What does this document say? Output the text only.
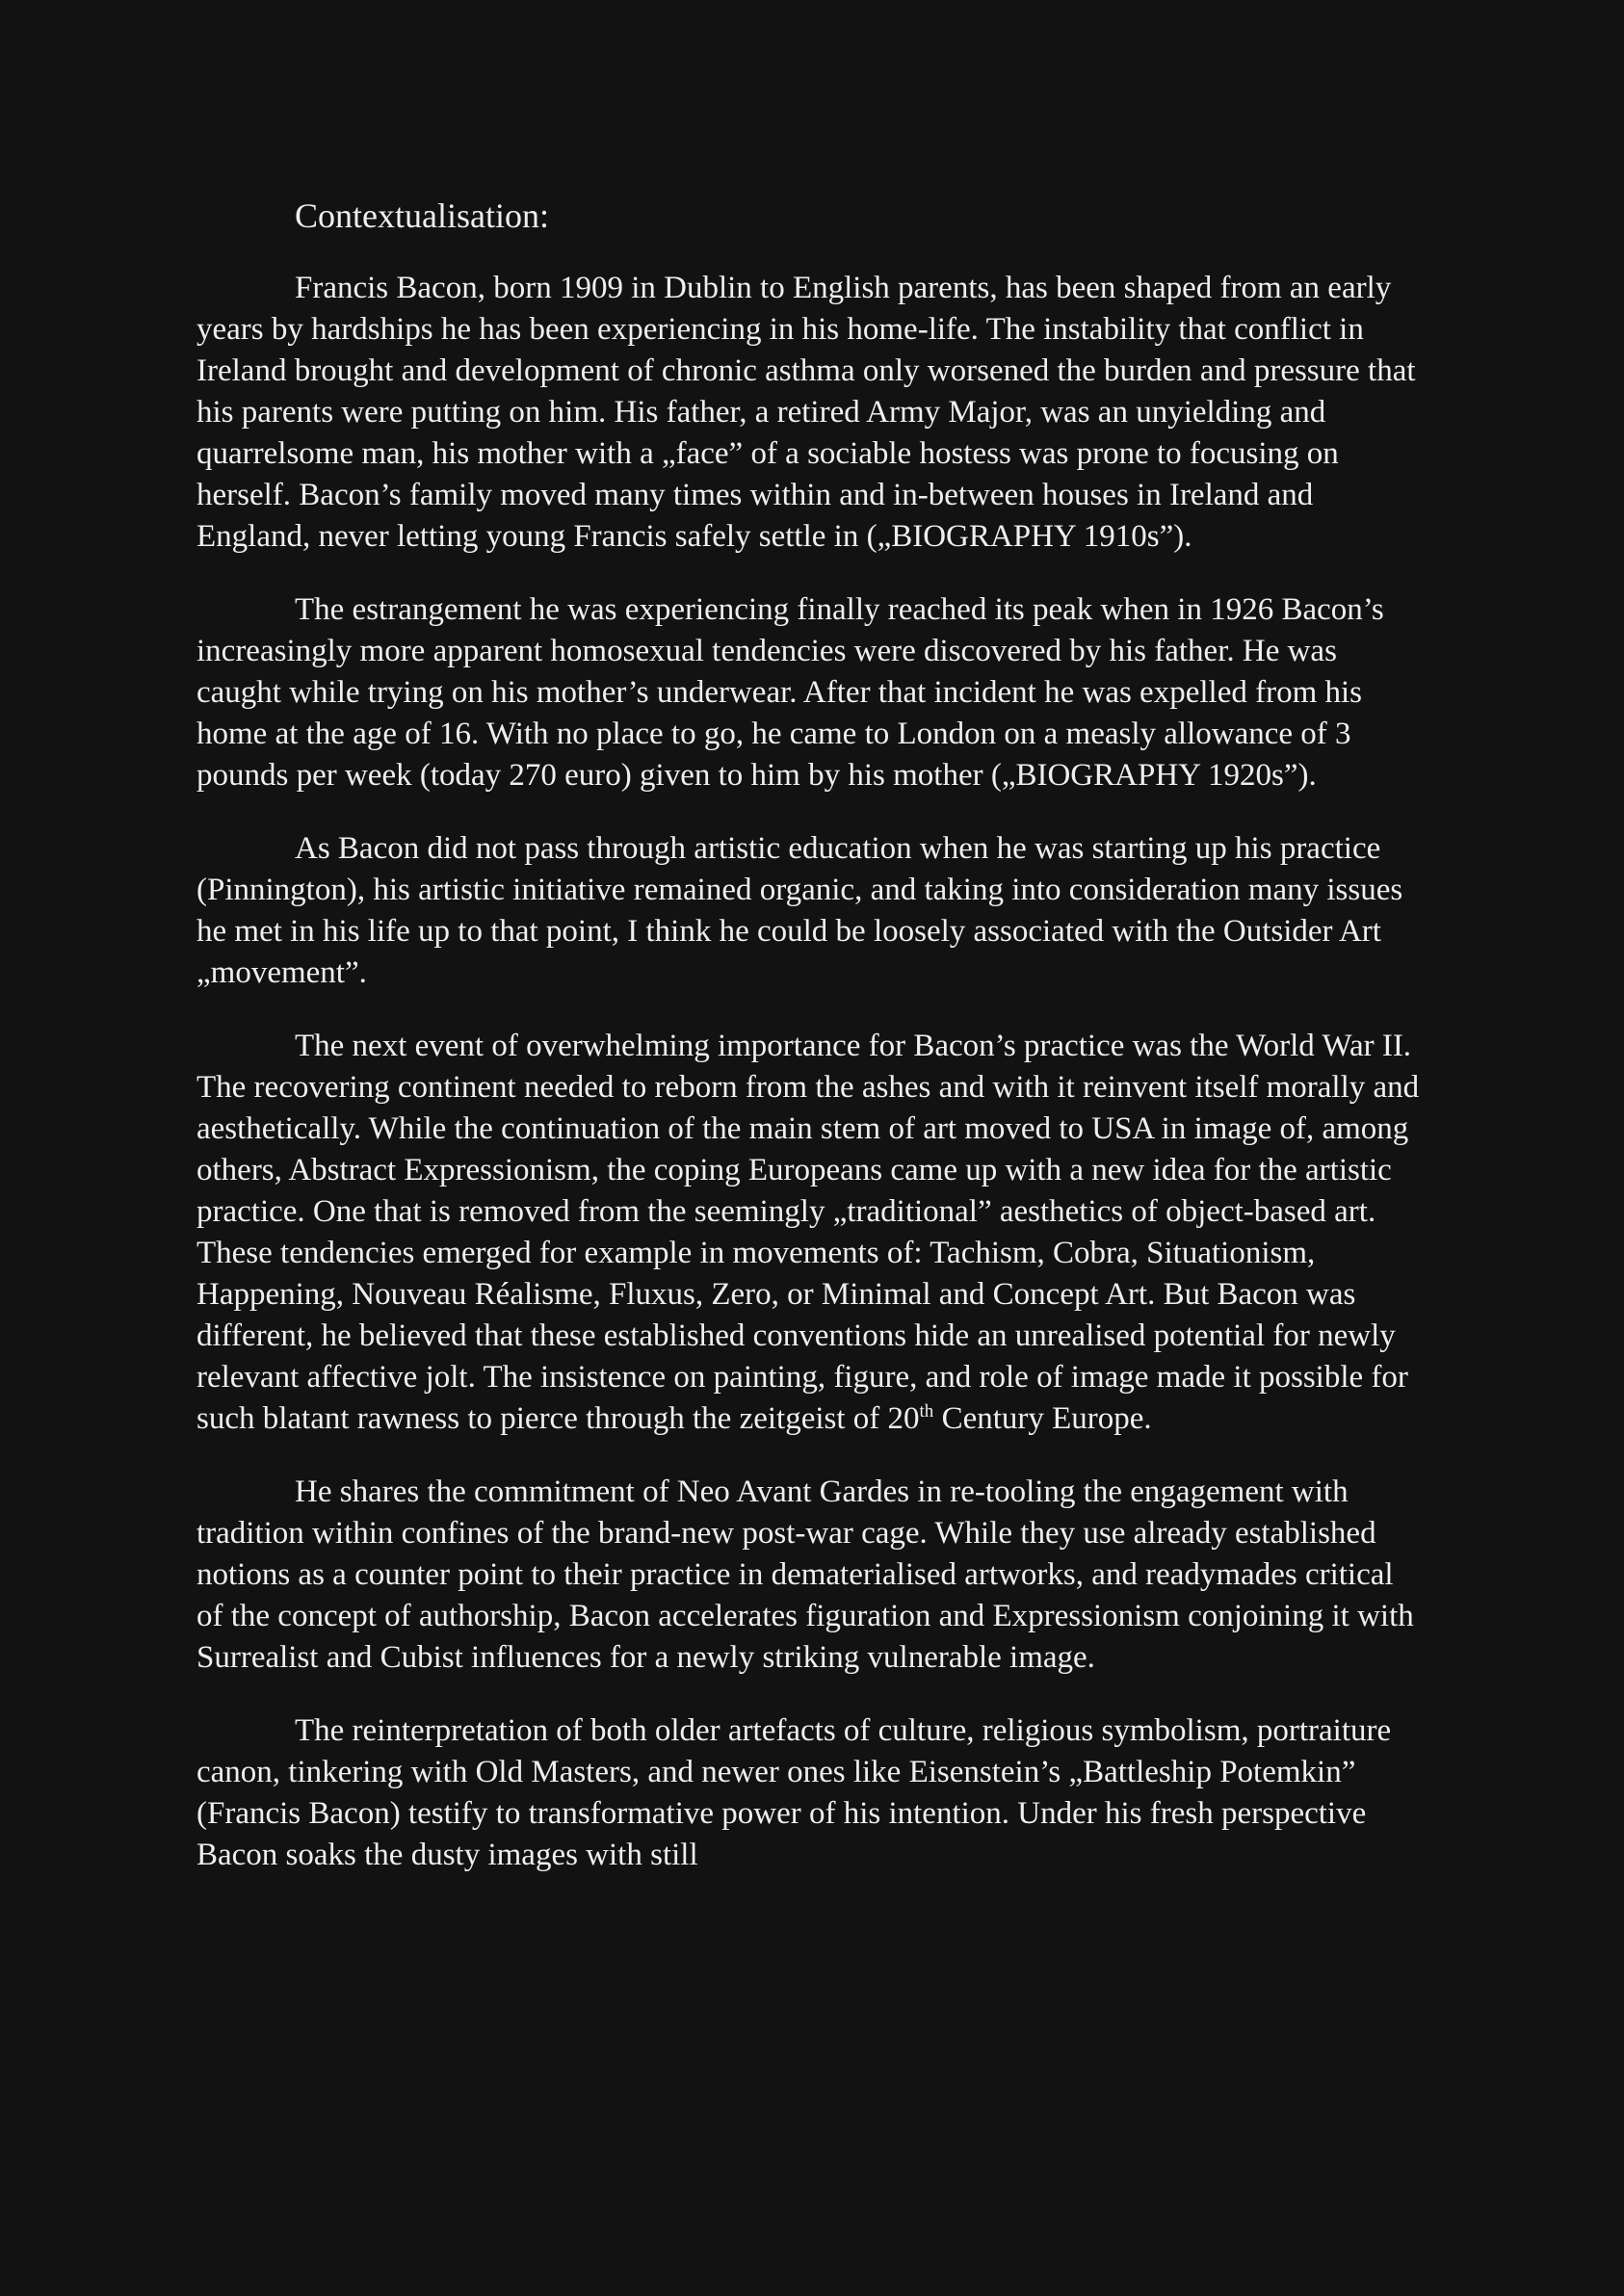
Contextualisation:

Francis Bacon, born 1909 in Dublin to English parents, has been shaped from an early years by hardships he has been experiencing in his home-life. The instability that conflict in Ireland brought and development of chronic asthma only worsened the burden and pressure that his parents were putting on him. His father, a retired Army Major, was an unyielding and quarrelsome man, his mother with a „face” of a sociable hostess was prone to focusing on herself. Bacon’s family moved many times within and in-between houses in Ireland and England, never letting young Francis safely settle in („BIOGRAPHY 1910s”).

The estrangement he was experiencing finally reached its peak when in 1926 Bacon’s increasingly more apparent homosexual tendencies were discovered by his father. He was caught while trying on his mother’s underwear. After that incident he was expelled from his home at the age of 16. With no place to go, he came to London on a measly allowance of 3 pounds per week (today 270 euro) given to him by his mother („BIOGRAPHY 1920s”).

As Bacon did not pass through artistic education when he was starting up his practice (Pinnington), his artistic initiative remained organic, and taking into consideration many issues he met in his life up to that point, I think he could be loosely associated with the Outsider Art „movement”.

The next event of overwhelming importance for Bacon’s practice was the World War II. The recovering continent needed to reborn from the ashes and with it reinvent itself morally and aesthetically. While the continuation of the main stem of art moved to USA in image of, among others, Abstract Expressionism, the coping Europeans came up with a new idea for the artistic practice. One that is removed from the seemingly „traditional” aesthetics of object-based art. These tendencies emerged for example in movements of: Tachism, Cobra, Situationism, Happening, Nouveau Réalisme, Fluxus, Zero, or Minimal and Concept Art. But Bacon was different, he believed that these established conventions hide an unrealised potential for newly relevant affective jolt. The insistence on painting, figure, and role of image made it possible for such blatant rawness to pierce through the zeitgeist of 20th Century Europe.

He shares the commitment of Neo Avant Gardes in re-tooling the engagement with tradition within confines of the brand-new post-war cage. While they use already established notions as a counter point to their practice in dematerialised artworks, and readymades critical of the concept of authorship, Bacon accelerates figuration and Expressionism conjoining it with Surrealist and Cubist influences for a newly striking vulnerable image.

The reinterpretation of both older artefacts of culture, religious symbolism, portraiture canon, tinkering with Old Masters, and newer ones like Eisenstein’s „Battleship Potemkin” (Francis Bacon) testify to transformative power of his intention. Under his fresh perspective Bacon soaks the dusty images with still
